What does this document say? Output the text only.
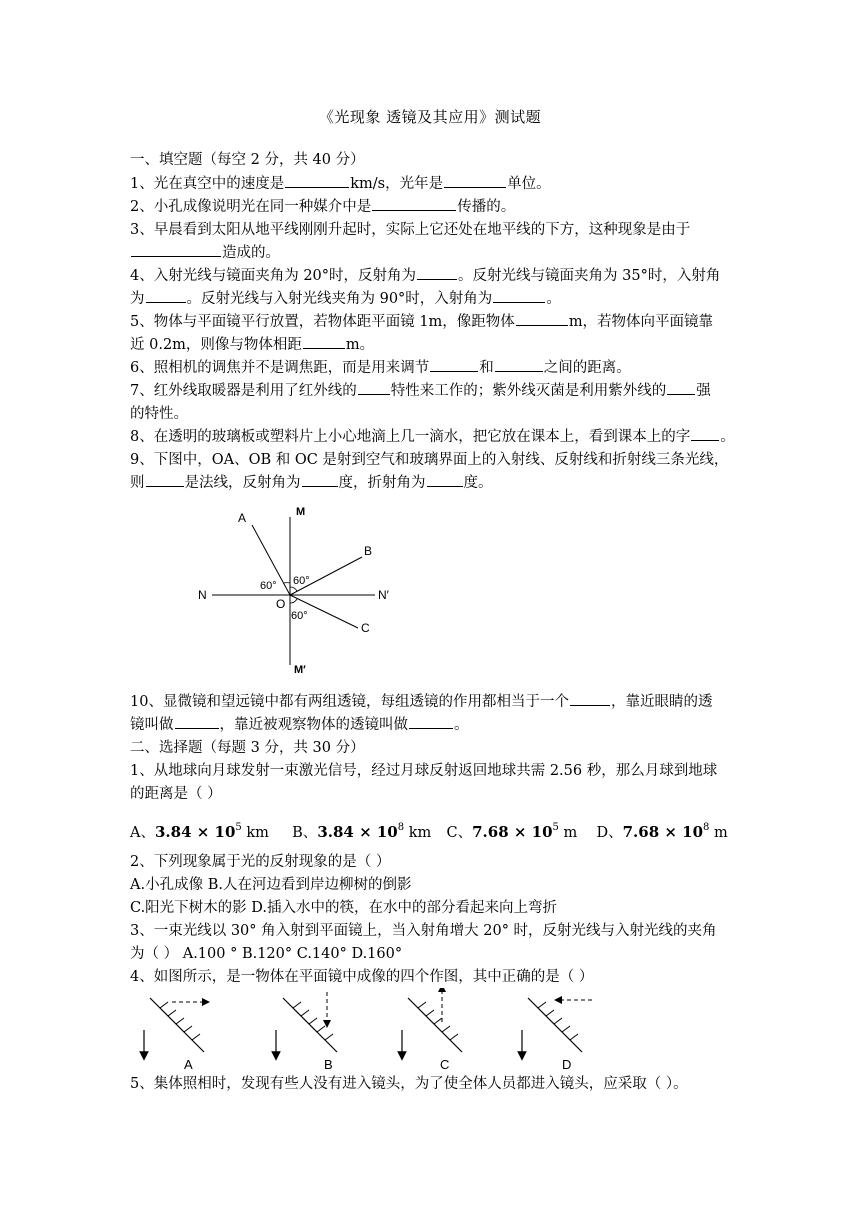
《光现象 透镜及其应用》测试题
一、填空题（每空 2 分，共 40 分）
1、光在真空中的速度是	km/s，光年是	单位。
2、小孔成像说明光在同一种媒介中是	传播的。
3、早晨看到太阳从地平线刚刚升起时，实际上它还处在地平线的下方，这种现象是由于
造成的。
4、入射光线与镜面夹角为 20°时，反射角为	。反射光线与镜面夹角为 35°时，入射角
为	。反射光线与入射光线夹角为 90°时，入射角为	。
5、物体与平面镜平行放置，若物体距平面镜 1m，像距物体	m，若物体向平面镜靠
近 0.2m，则像与物体相距	m。
6、照相机的调焦并不是调焦距，而是用来调节	和	之间的距离。
7、红外线取暖器是利用了红外线的 特性来工作的；紫外线灭菌是利用紫外线的 强
的特性。
8、在透明的玻璃板或塑料片上小心地滴上几一滴水，把它放在课本上，看到课本上的字 。
9、下图中，OA、OB 和 OC 是射到空气和玻璃界面上的入射线、反射线和折射线三条光线，
则	是法线，反射角为	度，折射角为	度。
A	M
B
N
O
N′
C
M′
60° 60°
60°
10、显微镜和望远镜中都有两组透镜，每组透镜的作用都相当于一个	，靠近眼睛的透
镜叫做	，靠近被观察物体的透镜叫做	。
二、选择题（每题 3 分，共 30 分）
1、从地球向月球发射一束激光信号，经过月球反射返回地球共需 2.56 秒，那么月球到地球
的距离是（ ）
A、$3.84 \times 10^5$ km B、$3.84 \times 10^8$ km C、$7.68 \times 10^5$ m D、$7.68 \times 10^8$ m
2、下列现象属于光的反射现象的是（ ）
A.小孔成像 B.人在河边看到岸边柳树的倒影
C.阳光下树木的影 D.插入水中的筷，在水中的部分看起来向上弯折
3、一束光线以 30° 角入射到平面镜上，当入射角增大 20° 时，反射光线与入射光线的夹角
为（ ） A.100 ° B.120° C.140° D.160°
4、如图所示，是一物体在平面镜中成像的四个作图，其中正确的是（ ）
A	B	C	D
5、集体照相时，发现有些人没有进入镜头，为了使全体人员都进入镜头，应采取（ ）。
